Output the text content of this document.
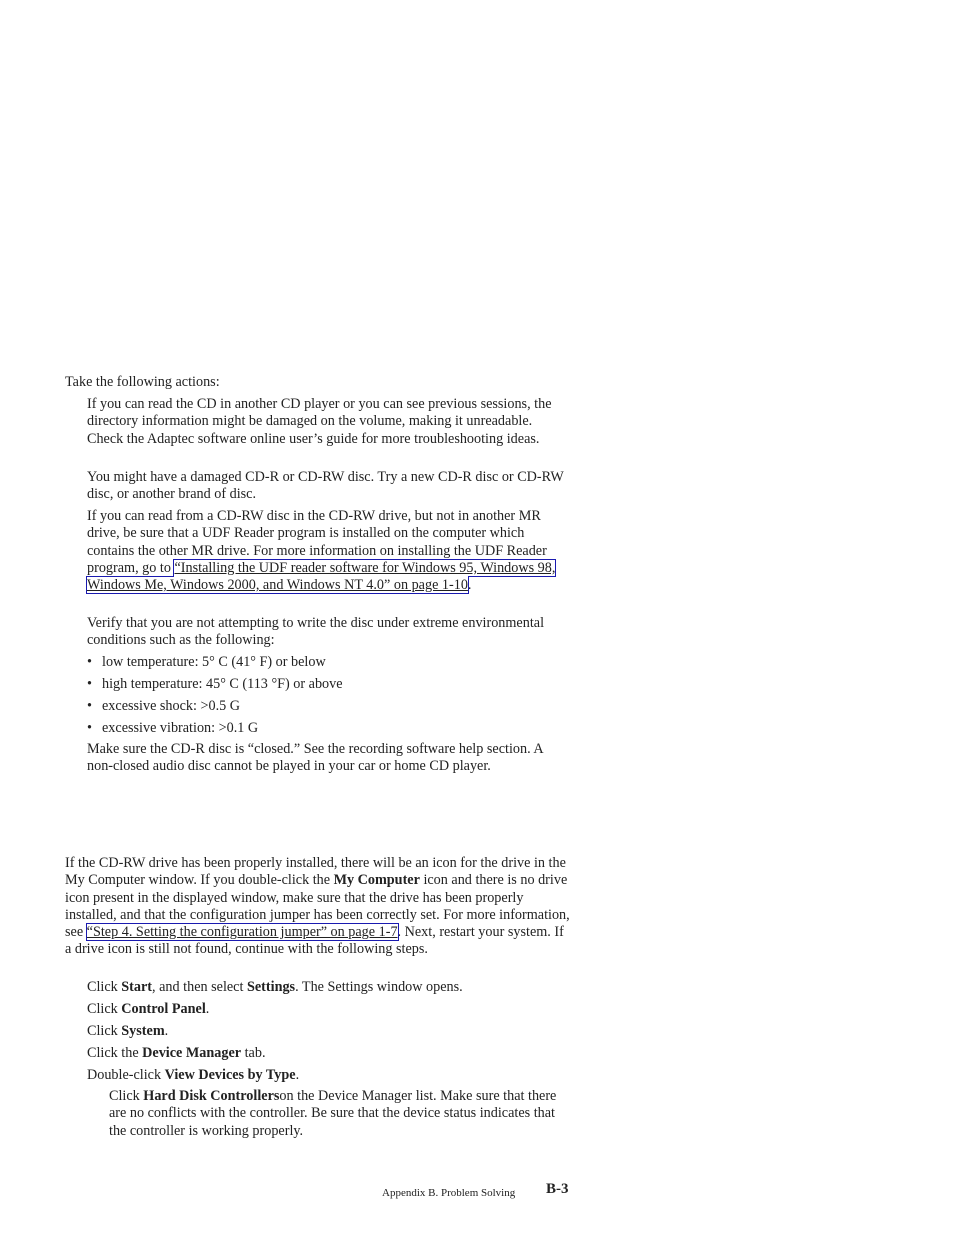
Take the following actions:

If you can read the CD in another CD player or you can see previous sessions, the directory information might be damaged on the volume, making it unreadable. Check the Adaptec software online user’s guide for more troubleshooting ideas.

You might have a damaged CD-R or CD-RW disc. Try a new CD-R disc or CD-RW disc, or another brand of disc.

If you can read from a CD-RW disc in the CD-RW drive, but not in another MR drive, be sure that a UDF Reader program is installed on the computer which contains the other MR drive. For more information on installing the UDF Reader program, go to “Installing the UDF reader software for Windows 95, Windows 98, Windows Me, Windows 2000, and Windows NT 4.0” on page 1-10.

Verify that you are not attempting to write the disc under extreme environmental conditions such as the following:

• low temperature: 5° C (41° F) or below
• high temperature: 45° C (113 °F) or above
• excessive shock: >0.5 G
• excessive vibration: >0.1 G

Make sure the CD-R disc is “closed.” See the recording software help section. A non-closed audio disc cannot be played in your car or home CD player.

If the CD-RW drive has been properly installed, there will be an icon for the drive in the My Computer window. If you double-click the My Computer icon and there is no drive icon present in the displayed window, make sure that the drive has been properly installed, and that the configuration jumper has been correctly set. For more information, see “Step 4. Setting the configuration jumper” on page 1-7. Next, restart your system. If a drive icon is still not found, continue with the following steps.

Click Start, and then select Settings. The Settings window opens.

Click Control Panel.

Click System.

Click the Device Manager tab.

Double-click View Devices by Type.

Click Hard Disk Controllerson the Device Manager list. Make sure that there are no conflicts with the controller. Be sure that the device status indicates that the controller is working properly.

Appendix B. Problem Solving B-3
